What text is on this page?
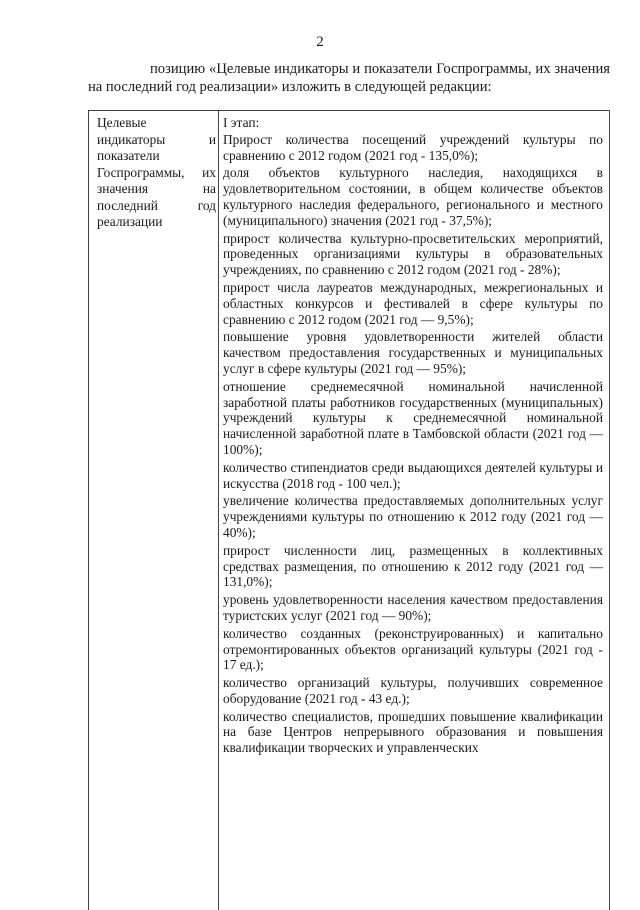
2
позицию «Целевые индикаторы и показатели Госпрограммы, их значения на последний год реализации» изложить в следующей редакции:
Целевые индикаторы и показатели Госпрограммы, их значения на последний год реализации
I этап:
Прирост количества посещений учреждений культуры по сравнению с 2012 годом (2021 год - 135,0%);
доля объектов культурного наследия, находящихся в удовлетворительном состоянии, в общем количестве объектов культурного наследия федерального, регионального и местного (муниципального) значения (2021 год - 37,5%);
прирост количества культурно-просветительских мероприятий, проведенных организациями культуры в образовательных учреждениях, по сравнению с 2012 годом (2021 год - 28%);
прирост числа лауреатов международных, межрегиональных и областных конкурсов и фестивалей в сфере культуры по сравнению с 2012 годом (2021 год — 9,5%);
повышение уровня удовлетворенности жителей области качеством предоставления государственных и муниципальных услуг в сфере культуры (2021 год — 95%);
отношение среднемесячной номинальной начисленной заработной платы работников государственных (муниципальных) учреждений культуры к среднемесячной номинальной начисленной заработной плате в Тамбовской области (2021 год — 100%);
количество стипендиатов среди выдающихся деятелей культуры и искусства (2018 год - 100 чел.);
увеличение количества предоставляемых дополнительных услуг учреждениями культуры по отношению к 2012 году (2021 год — 40%);
прирост численности лиц, размещенных в коллективных средствах размещения, по отношению к 2012 году (2021 год — 131,0%);
уровень удовлетворенности населения качеством предоставления туристских услуг (2021 год — 90%);
количество созданных (реконструированных) и капитально отремонтированных объектов организаций культуры (2021 год - 17 ед.);
количество организаций культуры, получивших современное оборудование (2021 год - 43 ед.);
количество специалистов, прошедших повышение квалификации на базе Центров непрерывного образования и повышения квалификации творческих и управленческих
